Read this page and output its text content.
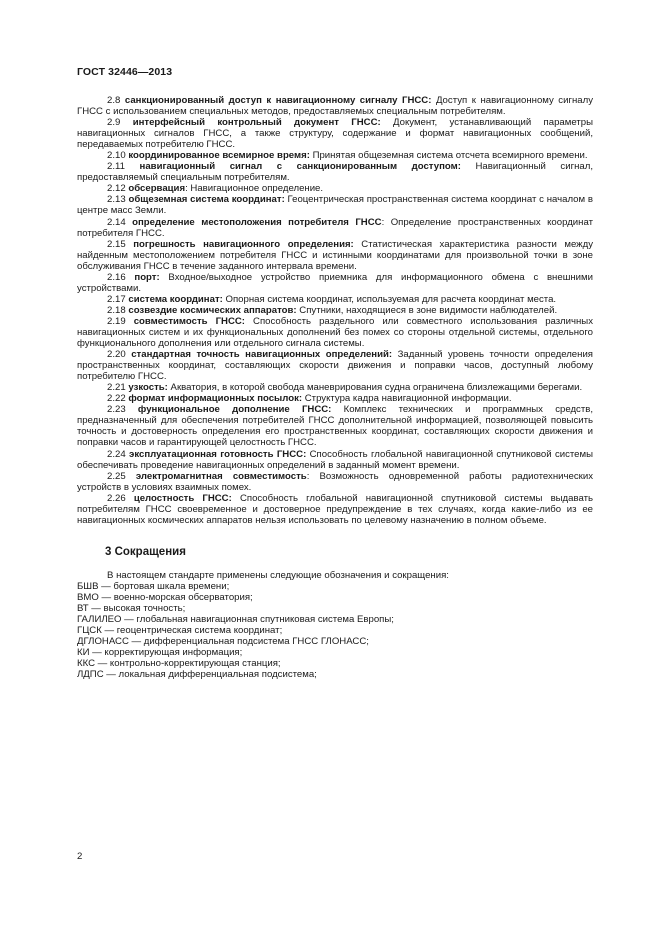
ГОСТ 32446—2013

2.8 санкционированный доступ к навигационному сигналу ГНСС: Доступ к навигационному сигналу ГНСС с использованием специальных методов, предоставляемых специальным потребителям.

2.9 интерфейсный контрольный документ ГНСС: Документ, устанавливающий параметры навигационных сигналов ГНСС, а также структуру, содержание и формат навигационных сообщений, передаваемых потребителю ГНСС.

2.10 координированное всемирное время: Принятая общеземная система отсчета всемирного времени.

2.11 навигационный сигнал с санкционированным доступом: Навигационный сигнал, предоставляемый специальным потребителям.

2.12 обсервация: Навигационное определение.

2.13 общеземная система координат: Геоцентрическая пространственная система координат с началом в центре масс Земли.

2.14 определение местоположения потребителя ГНСС: Определение пространственных координат потребителя ГНСС.

2.15 погрешность навигационного определения: Статистическая характеристика разности между найденным местоположением потребителя ГНСС и истинными координатами для произвольной точки в зоне обслуживания ГНСС в течение заданного интервала времени.

2.16 порт: Входное/выходное устройство приемника для информационного обмена с внешними устройствами.

2.17 система координат: Опорная система координат, используемая для расчета координат места.

2.18 созвездие космических аппаратов: Спутники, находящиеся в зоне видимости наблюдателей.

2.19 совместимость ГНСС: Способность раздельного или совместного использования различных навигационных систем и их функциональных дополнений без помех со стороны отдельной системы, отдельного функционального дополнения или отдельного сигнала системы.

2.20 стандартная точность навигационных определений: Заданный уровень точности определения пространственных координат, составляющих скорости движения и поправки часов, доступный любому потребителю ГНСС.

2.21 узкость: Акватория, в которой свобода маневрирования судна ограничена близлежащими берегами.

2.22 формат информационных посылок: Структура кадра навигационной информации.

2.23 функциональное дополнение ГНСС: Комплекс технических и программных средств, предназначенный для обеспечения потребителей ГНСС дополнительной информацией, позволяющей повысить точность и достоверность определения его пространственных координат, составляющих скорости движения и поправки часов и гарантирующей целостность ГНСС.

2.24 эксплуатационная готовность ГНСС: Способность глобальной навигационной спутниковой системы обеспечивать проведение навигационных определений в заданный момент времени.

2.25 электромагнитная совместимость: Возможность одновременной работы радиотехнических устройств в условиях взаимных помех.

2.26 целостность ГНСС: Способность глобальной навигационной спутниковой системы выдавать потребителям ГНСС своевременное и достоверное предупреждение в тех случаях, когда какие-либо из ее навигационных космических аппаратов нельзя использовать по целевому назначению в полном объеме.

3 Сокращения

В настоящем стандарте применены следующие обозначения и сокращения:

БШВ — бортовая шкала времени;

ВМО — военно-морская обсерватория;

ВТ — высокая точность;

ГАЛИЛЕО — глобальная навигационная спутниковая система Европы;

ГЦСК — геоцентрическая система координат;

ДГЛОНАСС — дифференциальная подсистема ГНСС ГЛОНАСС;

КИ — корректирующая информация;

ККС — контрольно-корректирующая станция;

ЛДПС — локальная дифференциальная подсистема;

2
